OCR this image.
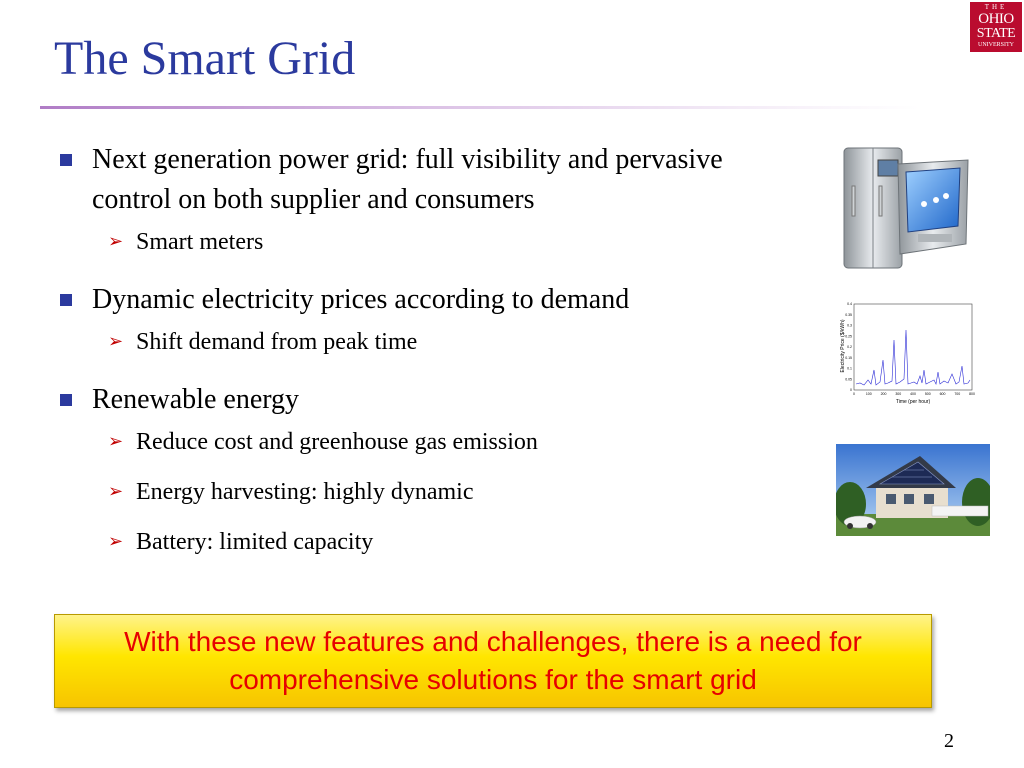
The Smart Grid
THE
OHIO
STATE
UNIVERSITY
Next generation power grid: full visibility and pervasive control on both supplier and consumers
➢ Smart meters
Dynamic electricity prices according to demand
➢ Shift demand from peak time
Renewable energy
➢ Reduce cost and greenhouse gas emission
➢ Energy harvesting: highly dynamic
➢ Battery: limited capacity
Electricity Price ($/kWh)
Time (per hour)
0
0.05
0.1
0.15
0.2
0.25
0.3
0.35
0.4
0	100	200	300	400	500	600	700	800
With these new features and challenges, there is a need for comprehensive solutions for the smart grid
2
